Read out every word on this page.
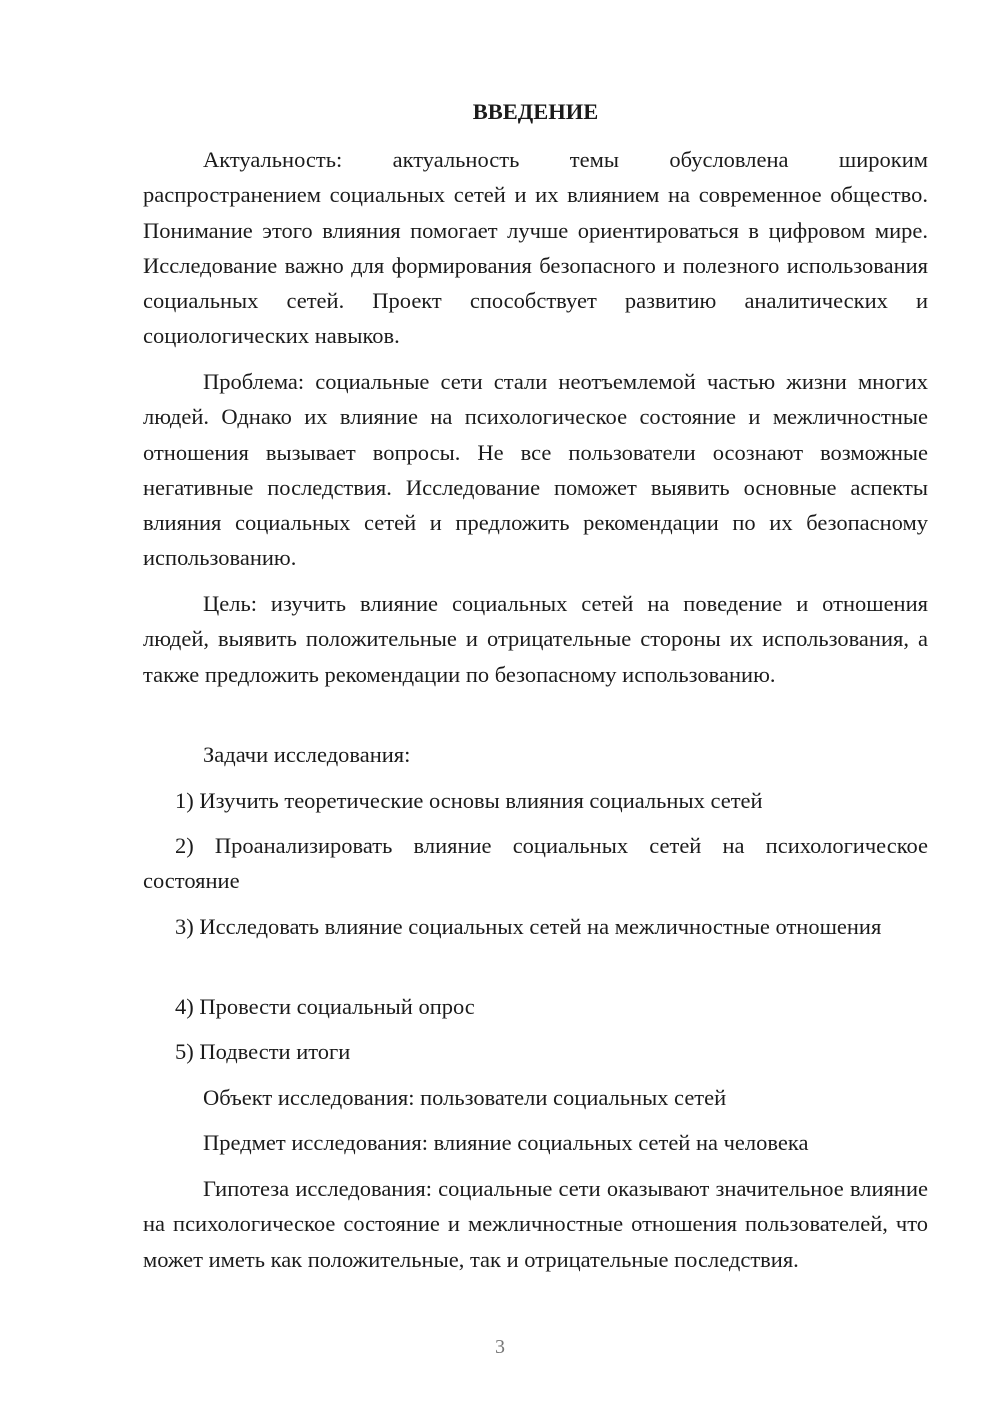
ВВЕДЕНИЕ

Актуальность: актуальность темы обусловлена широким распространением социальных сетей и их влиянием на современное общество. Понимание этого влияния помогает лучше ориентироваться в цифровом мире. Исследование важно для формирования безопасного и полезного использования социальных сетей. Проект способствует развитию аналитических и социологических навыков.

Проблема: социальные сети стали неотъемлемой частью жизни многих людей. Однако их влияние на психологическое состояние и межличностные отношения вызывает вопросы. Не все пользователи осознают возможные негативные последствия. Исследование поможет выявить основные аспекты влияния социальных сетей и предложить рекомендации по их безопасному использованию.

Цель: изучить влияние социальных сетей на поведение и отношения людей, выявить положительные и отрицательные стороны их использования, а также предложить рекомендации по безопасному использованию.

Задачи исследования:

1) Изучить теоретические основы влияния социальных сетей

2) Проанализировать влияние социальных сетей на психологическое состояние

3) Исследовать влияние социальных сетей на межличностные отношения

4) Провести социальный опрос

5) Подвести итоги

Объект исследования: пользователи социальных сетей

Предмет исследования: влияние социальных сетей на человека

Гипотеза исследования: социальные сети оказывают значительное влияние на психологическое состояние и межличностные отношения пользователей, что может иметь как положительные, так и отрицательные последствия.

3
